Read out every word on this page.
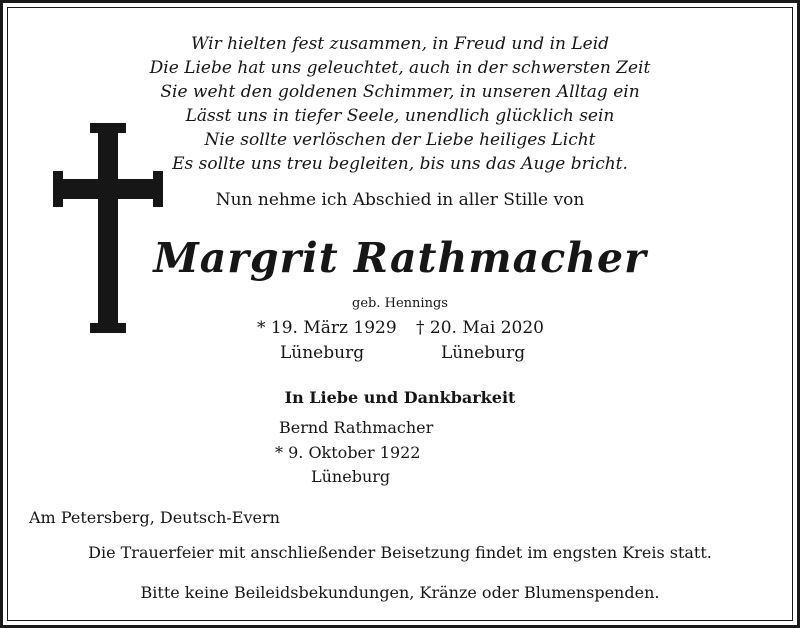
Wir hielten fest zusammen, in Freud und in Leid
Die Liebe hat uns geleuchtet, auch in der schwersten Zeit
Sie weht den goldenen Schimmer, in unseren Alltag ein
Lässt uns in tiefer Seele, unendlich glücklich sein
Nie sollte verlöschen der Liebe heiliges Licht
Es sollte uns treu begleiten, bis uns das Auge bricht.
Nun nehme ich Abschied in aller Stille von
Margrit Rathmacher
geb. Hennings
* 19. März 1929 † 20. Mai 2020
Lüneburg	Lüneburg
In Liebe und Dankbarkeit
Bernd Rathmacher
* 9. Oktober 1922
Lüneburg
Am Petersberg, Deutsch-Evern
Die Trauerfeier mit anschließender Beisetzung findet im engsten Kreis statt.
Bitte keine Beileidsbekundungen, Kränze oder Blumenspenden.
